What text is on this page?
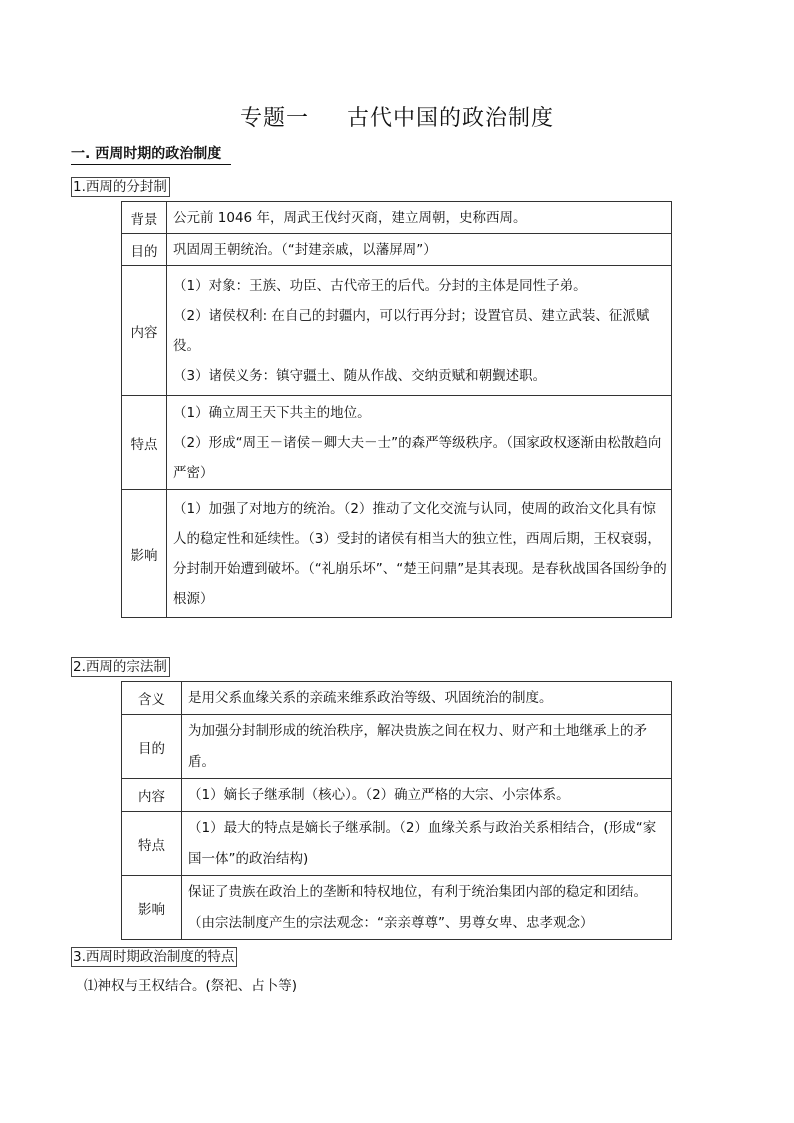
专题一 古代中国的政治制度
一. 西周时期的政治制度
1.西周的分封制
背景	公元前 1046 年，周武王伐纣灭商，建立周朝，史称西周。

目的	巩固周王朝统治。（“封建亲戚，以藩屏周”）

内容	（1）对象：王族、功臣、古代帝王的后代。分封的主体是同性子弟。

（2）诸侯权利: 在自己的封疆内，可以行再分封；设置官员、建立武装、征派赋役。

（3）诸侯义务：镇守疆土、随从作战、交纳贡赋和朝觐述职。

特点	（1）确立周王天下共主的地位。

（2）形成“周王－诸侯－卿大夫－士”的森严等级秩序。（国家政权逐渐由松散趋向严密）

影响	（1）加强了对地方的统治。（2）推动了文化交流与认同，使周的政治文化具有惊人的稳定性和延续性。（3）受封的诸侯有相当大的独立性，西周后期，王权衰弱，分封制开始遭到破坏。（“礼崩乐坏”、“楚王问鼎”是其表现。是春秋战国各国纷争的根源）

2.西周的宗法制
含义	是用父系血缘关系的亲疏来维系政治等级、巩固统治的制度。

目的	为加强分封制形成的统治秩序，解决贵族之间在权力、财产和土地继承上的矛盾。

内容	（1）嫡长子继承制（核心）。（2）确立严格的大宗、小宗体系。

特点	（1）最大的特点是嫡长子继承制。（2）血缘关系与政治关系相结合，(形成“家国一体”的政治结构)

影响	保证了贵族在政治上的垄断和特权地位，有利于统治集团内部的稳定和团结。（由宗法制度产生的宗法观念：“亲亲尊尊”、男尊女卑、忠孝观念）

3.西周时期政治制度的特点
⑴神权与王权结合。(祭祀、占卜等)
